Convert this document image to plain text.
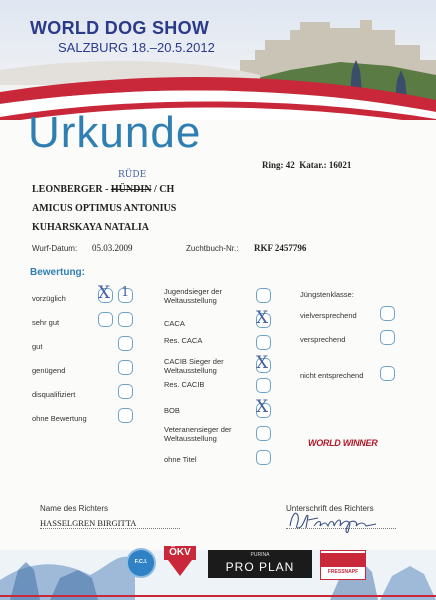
WORLD DOG SHOW
SALZBURG 18.–20.5.2012
Urkunde
Ring: 42 Katar.: 16021
RÜDE
LEONBERGER - HÜNDIN / CH
AMICUS OPTIMUS ANTONIUS
KUHARSKAYA NATALIA
Wurf-Datum: 05.03.2009	Zuchtbuch-Nr.: RKF 2457796
Bewertung:
vorzüglich X 1
sehr gut
gut
genügend
disqualifiziert
ohne Bewertung
Jugendsieger der Weltausstellung
CACA	X
Res. CACA
CACIB Sieger der Weltausstellung	X
Res. CACIB
BOB	X
Veteranensieger der Weltausstellung
ohne Titel
Jüngstenklasse:
vielversprechend
versprechend
nicht entsprechend
WORLD WINNER
Name des Richters
HASSELGREN BIRGITTA
Unterschrift des Richters
F.C.I.
ÖKV	PURINA
PRO PLAN	FRESSNAPF
